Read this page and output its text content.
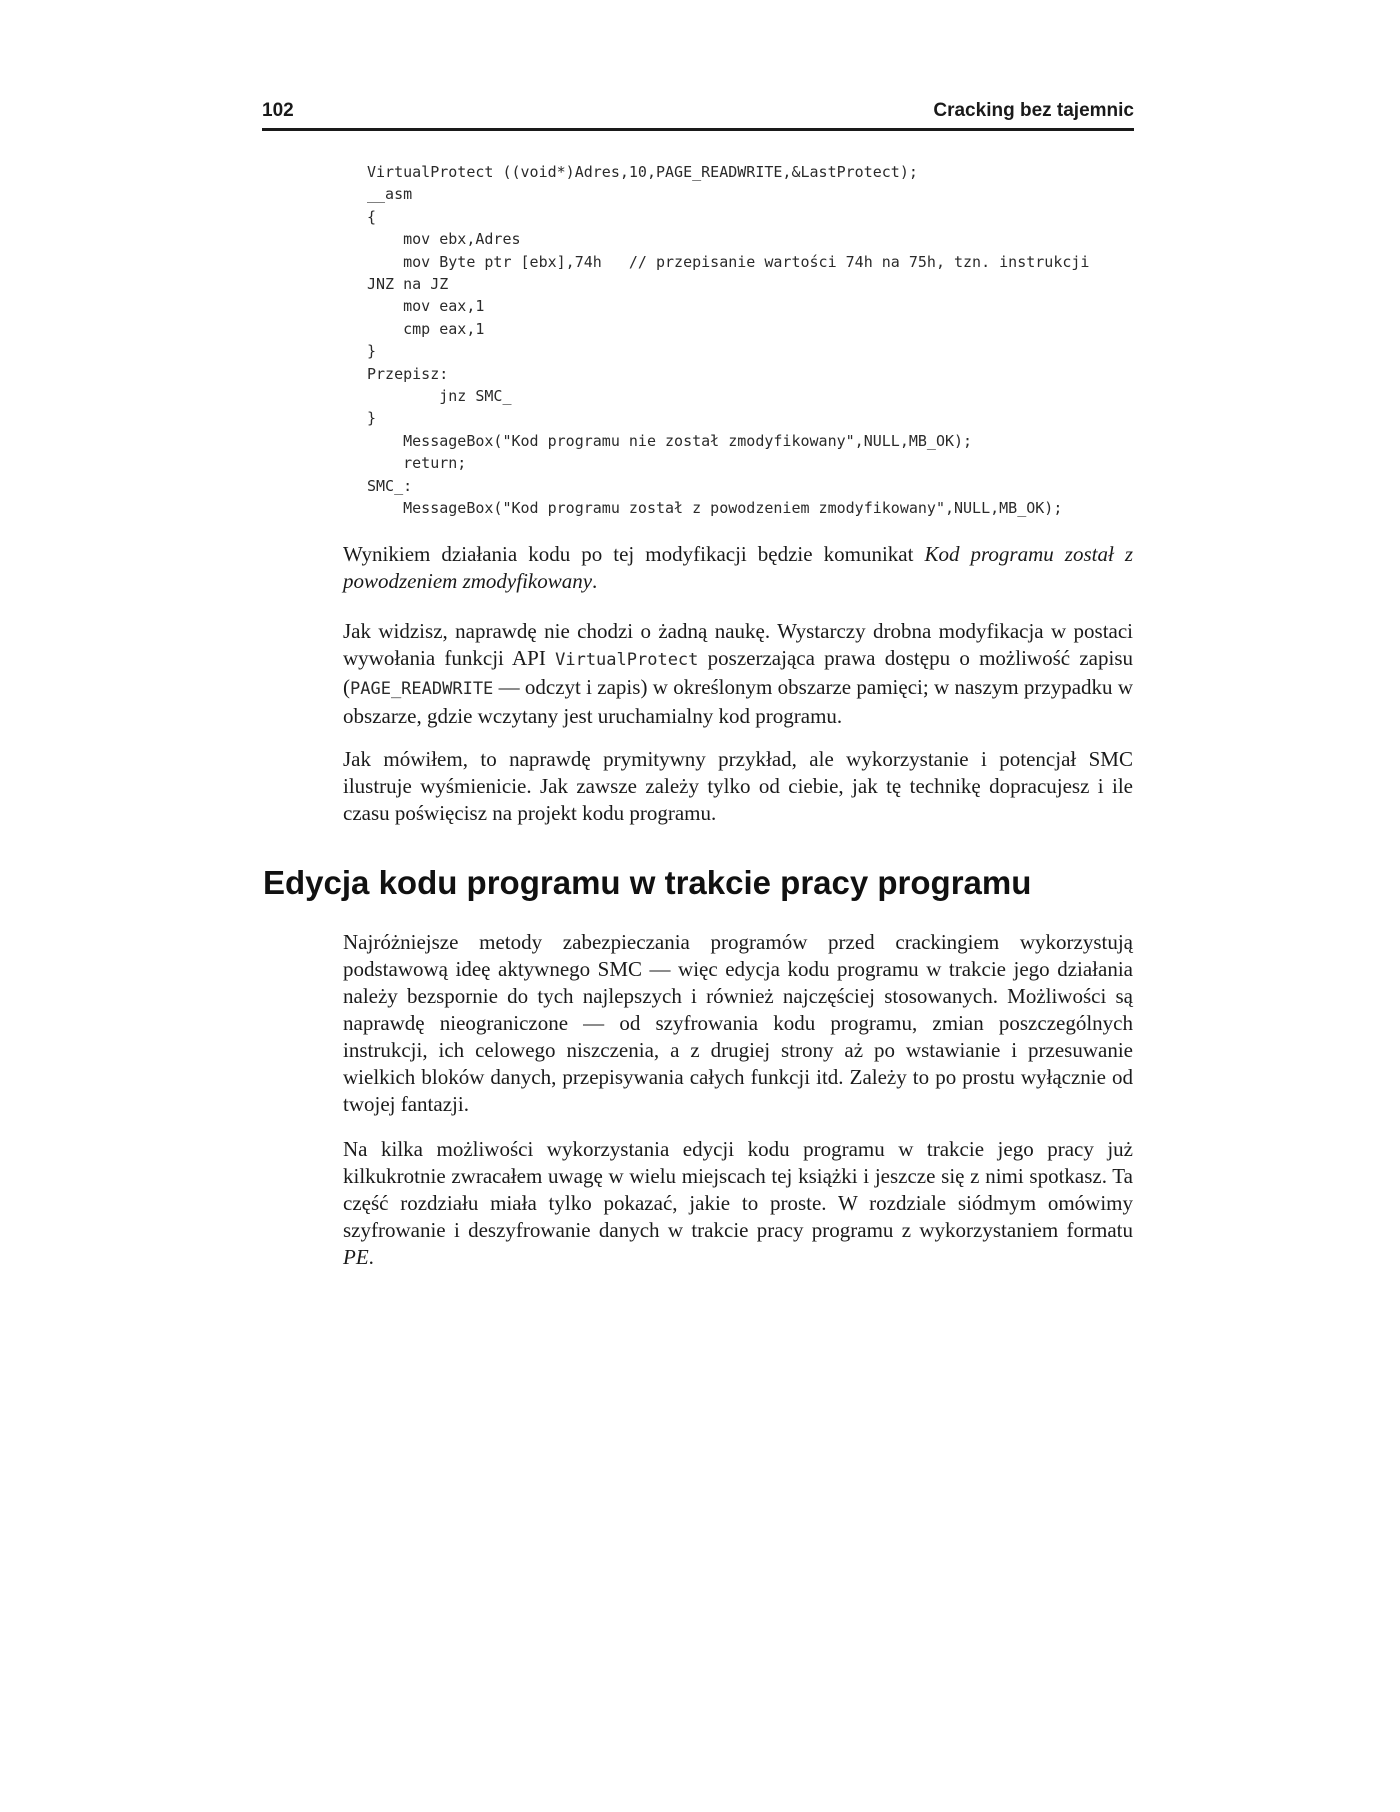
102	Cracking bez tajemnic
VirtualProtect ((void*)Adres,10,PAGE_READWRITE,&LastProtect);
__asm
{
mov ebx,Adres
mov Byte ptr [ebx],74h   // przepisanie wartości 74h na 75h, tzn. instrukcji
JNZ na JZ
mov eax,1
cmp eax,1
}
Przepisz:
jnz SMC_
}
MessageBox("Kod programu nie został zmodyfikowany",NULL,MB_OK);
return;
SMC_:
MessageBox("Kod programu został z powodzeniem zmodyfikowany",NULL,MB_OK);

Wynikiem działania kodu po tej modyfikacji będzie komunikat Kod programu został z powodzeniem zmodyfikowany.

Jak widzisz, naprawdę nie chodzi o żadną naukę. Wystarczy drobna modyfikacja w postaci wywołania funkcji API VirtualProtect poszerzająca prawa dostępu o możliwość zapisu (PAGE_READWRITE — odczyt i zapis) w określonym obszarze pamięci; w naszym przypadku w obszarze, gdzie wczytany jest uruchamialny kod programu.

Jak mówiłem, to naprawdę prymitywny przykład, ale wykorzystanie i potencjał SMC ilustruje wyśmienicie. Jak zawsze zależy tylko od ciebie, jak tę technikę dopracujesz i ile czasu poświęcisz na projekt kodu programu.

Edycja kodu programu w trakcie pracy programu

Najróżniejsze metody zabezpieczania programów przed crackingiem wykorzystują podstawową ideę aktywnego SMC — więc edycja kodu programu w trakcie jego działania należy bezspornie do tych najlepszych i również najczęściej stosowanych. Możliwości są naprawdę nieograniczone — od szyfrowania kodu programu, zmian poszczególnych instrukcji, ich celowego niszczenia, a z drugiej strony aż po wstawianie i przesuwanie wielkich bloków danych, przepisywania całych funkcji itd. Zależy to po prostu wyłącznie od twojej fantazji.

Na kilka możliwości wykorzystania edycji kodu programu w trakcie jego pracy już kilkukrotnie zwracałem uwagę w wielu miejscach tej książki i jeszcze się z nimi spotkasz. Ta część rozdziału miała tylko pokazać, jakie to proste. W rozdziale siódmym omówimy szyfrowanie i deszyfrowanie danych w trakcie pracy programu z wykorzystaniem formatu PE.
